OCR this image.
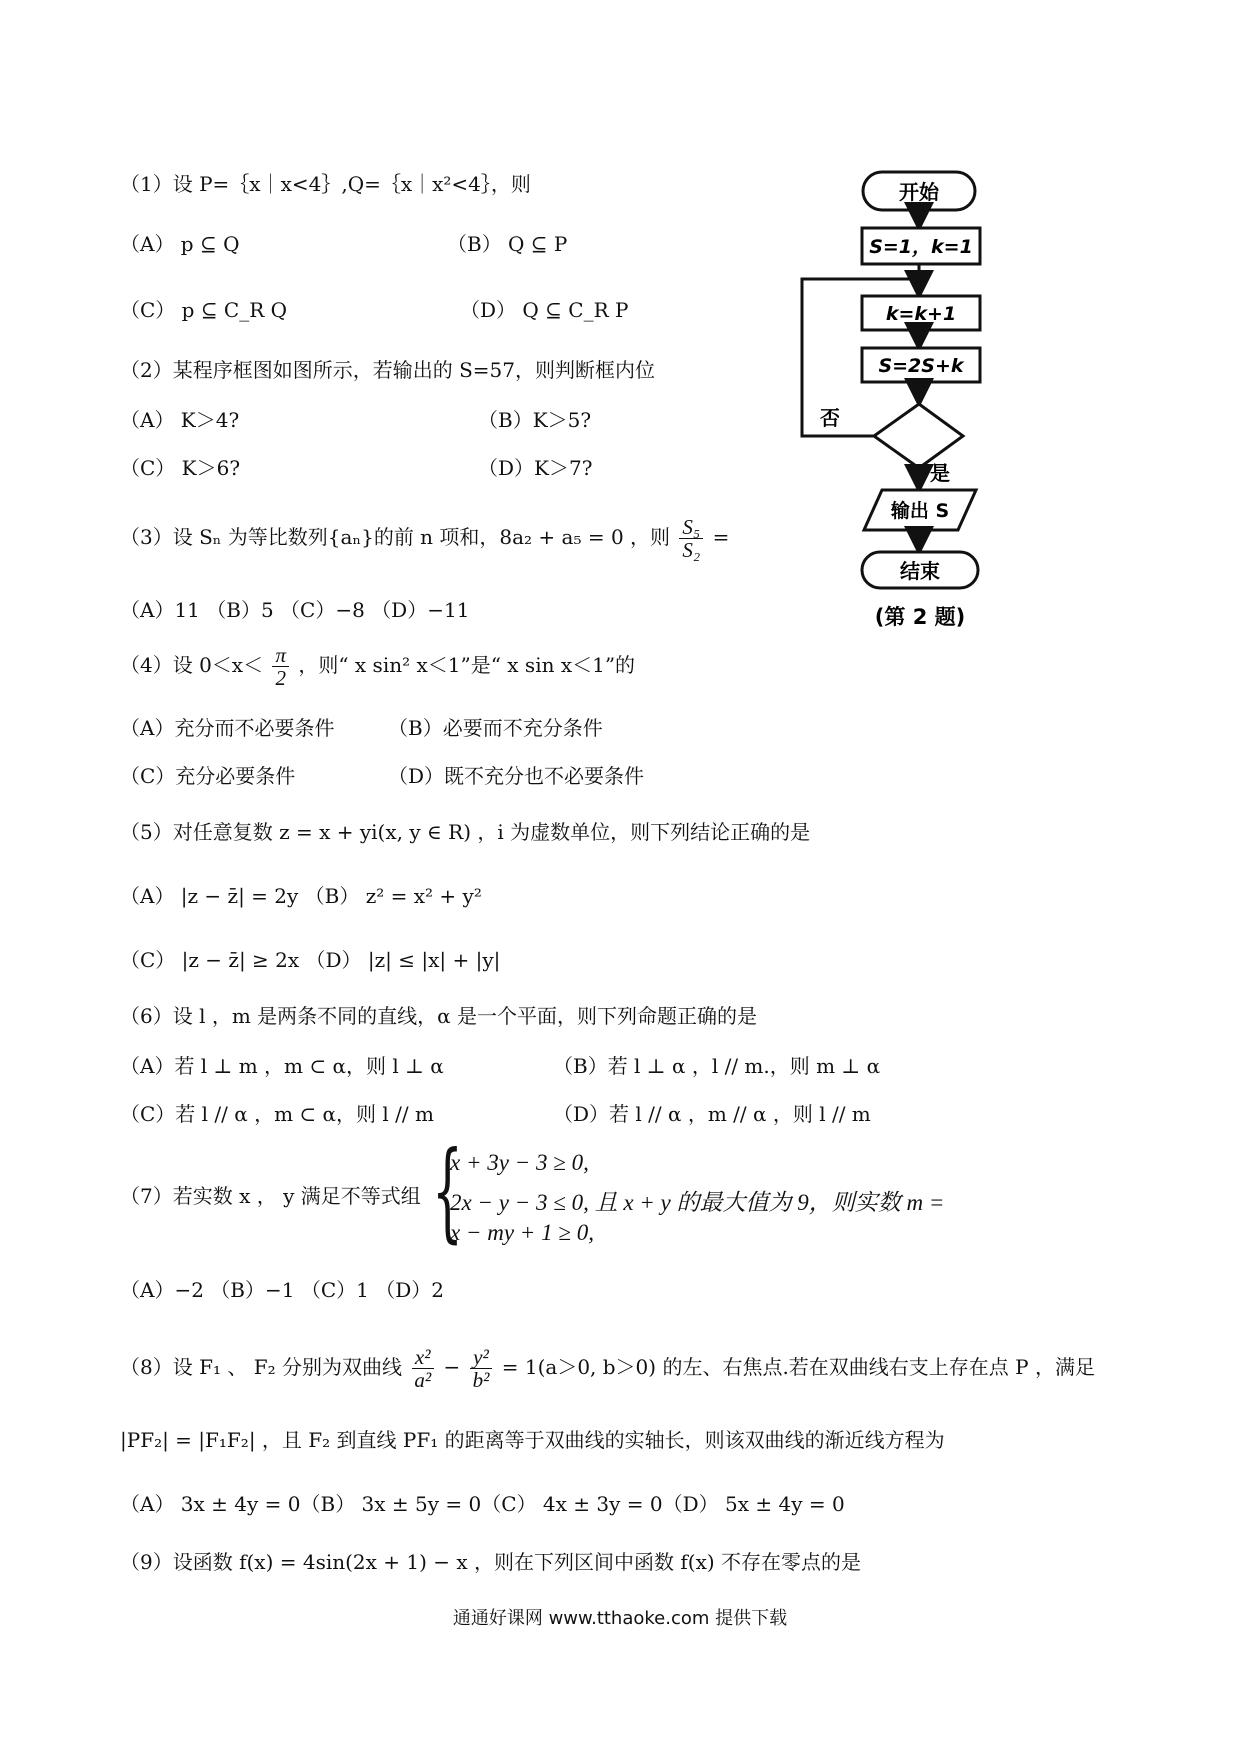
（1）设 P=｛x｜x<4｝,Q=｛x｜x²<4｝，则
（A） p ⊆ Q	（B） Q ⊆ P
（C） p ⊆ C_R Q	（D） Q ⊆ C_R P
（2）某程序框图如图所示，若输出的 S=57，则判断框内位
（A） K＞4?	（B）K＞5?
（C） K＞6?	（D）K＞7?
（3）设 Sₙ 为等比数列{aₙ}的前 n 项和，8a₂ + a₅ = 0 ，则 $\frac{\text{S₅}}{\text{S₂}}$ =
（A）11 （B）5 （C）−8 （D）−11
（4）设 $0<x< \frac{\pi}{2}$ ，则“ x sin² x＜1”是“ x sin x＜1”的
（A）充分而不必要条件	（B）必要而不充分条件
（C）充分必要条件	（D）既不充分也不必要条件
（5）对任意复数 z = x + yi(x, y ∈ R) ，i 为虚数单位，则下列结论正确的是
（A） |z − z̄| = 2y （B） z² = x² + y²
（C） |z − z̄| ≥ 2x （D） |z| ≤ |x| + |y|
（6）设 l ，m 是两条不同的直线，α 是一个平面，则下列命题正确的是
（A）若 l ⊥ m ，m ⊂ α，则 l ⊥ α	（B）若 l ⊥ α ，l // m.，则 m ⊥ α
（C）若 l // α ，m ⊂ α，则 l // m	（D）若 l // α ，m // α ，则 l // m
（7）若实数 x ， y 满足不等式组 {
x + 3y − 3 ≥ 0,
2x − y − 3 ≤ 0, 且 x + y 的最大值为 9，则实数 m =
x − my + 1 ≥ 0,
（A）−2 （B）−1 （C）1 （D）2
（8）设 F₁ 、 F₂ 分别为双曲线 $\frac{\text{x²}}{\text{a²}} - \frac{\text{y²}}{\text{b²}} = 1(a>0$, b＞0) 的左、右焦点.若在双曲线右支上存在点 P ，满足
|PF₂| = |F₁F₂| ，且 F₂ 到直线 PF₁ 的距离等于双曲线的实轴长，则该双曲线的渐近线方程为
（A） 3x ± 4y = 0（B） 3x ± 5y = 0（C） 4x ± 3y = 0（D） 5x ± 4y = 0
（9）设函数 f(x) = 4sin(2x + 1) − x ，则在下列区间中函数 f(x) 不存在零点的是
开始
S=1，k=1
k=k+1
S=2S+k
否
是
输出 S
结束
(第 2 题)
通通好课网 www.tthaoke.com 提供下载
